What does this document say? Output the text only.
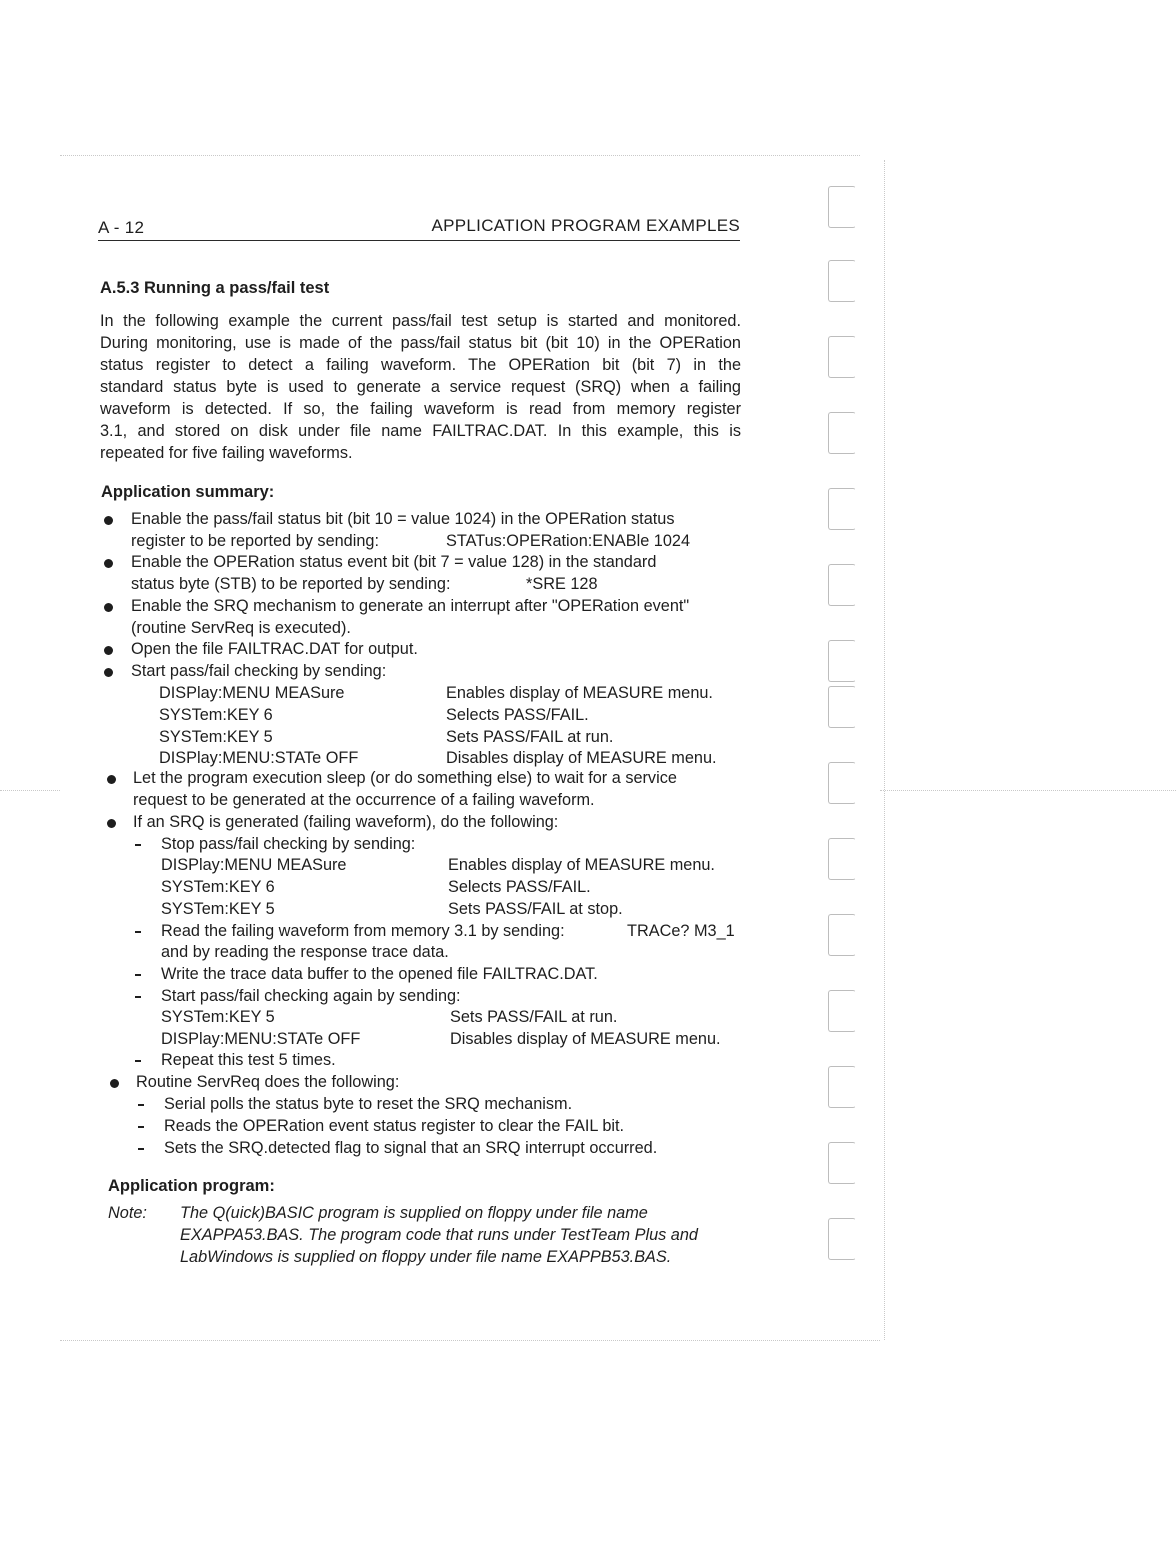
A - 12	APPLICATION PROGRAM EXAMPLES
A.5.3 Running a pass/fail test
In the following example the current pass/fail test setup is started and monitored.
During monitoring, use is made of the pass/fail status bit (bit 10) in the OPERation
status register to detect a failing waveform. The OPERation bit (bit 7) in the
standard status byte is used to generate a service request (SRQ) when a failing
waveform is detected. If so, the failing waveform is read from memory register
3.1, and stored on disk under file name FAILTRAC.DAT. In this example, this is
repeated for five failing waveforms.
Application summary:
Enable the pass/fail status bit (bit 10 = value 1024) in the OPERation status
register to be reported by sending:	STATus:OPERation:ENABle 1024
Enable the OPERation status event bit (bit 7 = value 128) in the standard
status byte (STB) to be reported by sending:	*SRE 128
Enable the SRQ mechanism to generate an interrupt after "OPERation event"
(routine ServReq is executed).
Open the file FAILTRAC.DAT for output.
Start pass/fail checking by sending:
DISPlay:MENU MEASure	Enables display of MEASURE menu.
SYSTem:KEY 6	Selects PASS/FAIL.
SYSTem:KEY 5	Sets PASS/FAIL at run.
DISPlay:MENU:STATe OFF	Disables display of MEASURE menu.
Let the program execution sleep (or do something else) to wait for a service
request to be generated at the occurrence of a failing waveform.
If an SRQ is generated (failing waveform), do the following:
Stop pass/fail checking by sending:
DISPlay:MENU MEASure	Enables display of MEASURE menu.
SYSTem:KEY 6	Selects PASS/FAIL.
SYSTem:KEY 5	Sets PASS/FAIL at stop.
Read the failing waveform from memory 3.1 by sending:	TRACe? M3_1
and by reading the response trace data.
Write the trace data buffer to the opened file FAILTRAC.DAT.
Start pass/fail checking again by sending:
SYSTem:KEY 5	Sets PASS/FAIL at run.
DISPlay:MENU:STATe OFF	Disables display of MEASURE menu.
Repeat this test 5 times.
Routine ServReq does the following:
Serial polls the status byte to reset the SRQ mechanism.
Reads the OPERation event status register to clear the FAIL bit.
Sets the SRQ.detected flag to signal that an SRQ interrupt occurred.
Application program:
Note: The Q(uick)BASIC program is supplied on floppy under file name
EXAPPA53.BAS. The program code that runs under TestTeam Plus and
LabWindows is supplied on floppy under file name EXAPPB53.BAS.
